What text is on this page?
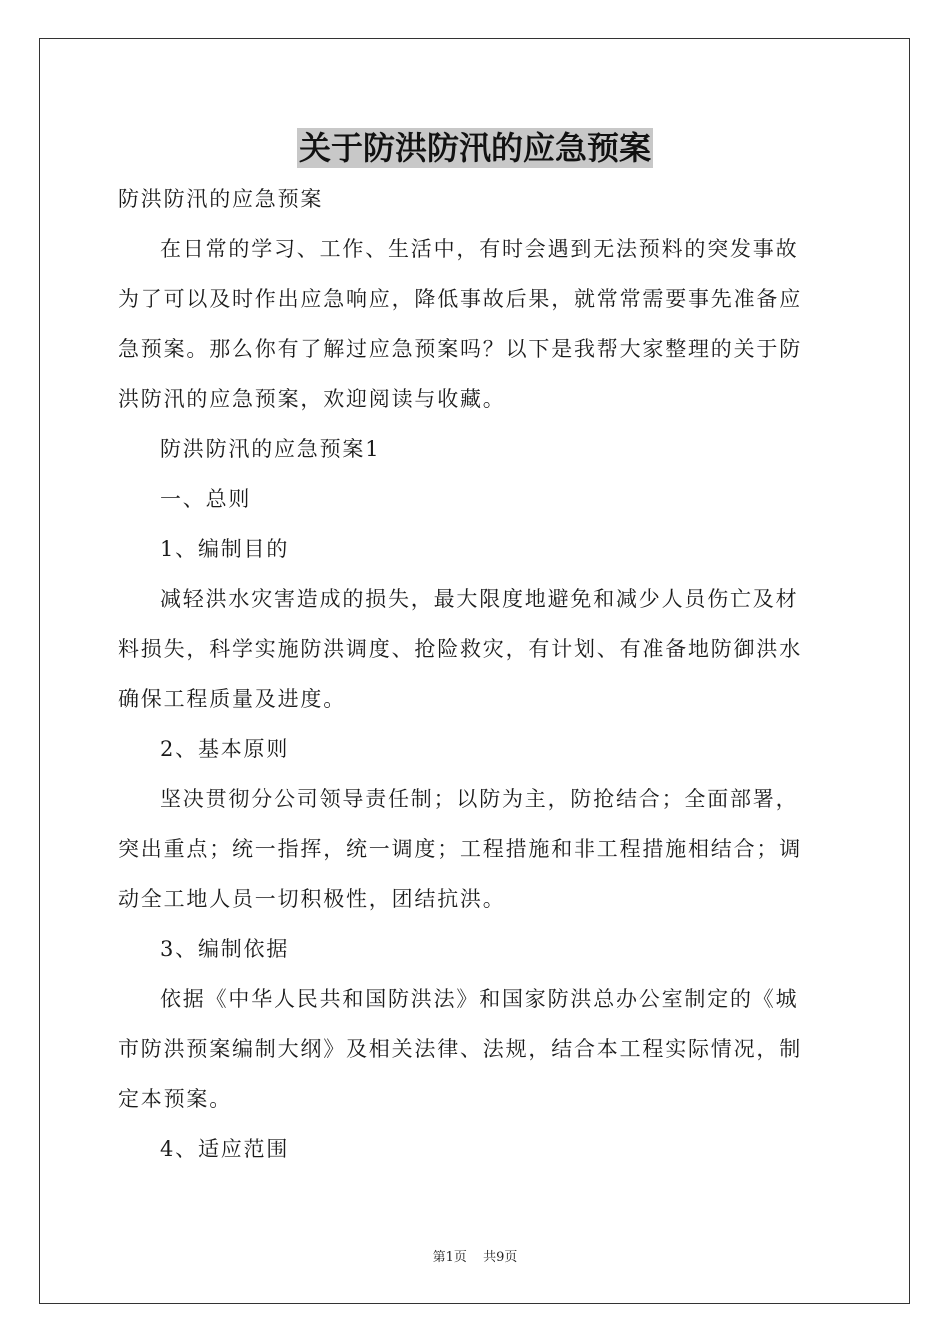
关于防洪防汛的应急预案

防洪防汛的应急预案

在日常的学习、工作、生活中，有时会遇到无法预料的突发事故

为了可以及时作出应急响应，降低事故后果，就常常需要事先准备应

急预案。那么你有了解过应急预案吗？以下是我帮大家整理的关于防

洪防汛的应急预案，欢迎阅读与收藏。

防洪防汛的应急预案1

一、总则

1、编制目的

减轻洪水灾害造成的损失，最大限度地避免和减少人员伤亡及材

料损失，科学实施防洪调度、抢险救灾，有计划、有准备地防御洪水

确保工程质量及进度。

2、基本原则

坚决贯彻分公司领导责任制；以防为主，防抢结合；全面部署，

突出重点；统一指挥，统一调度；工程措施和非工程措施相结合；调

动全工地人员一切积极性，团结抗洪。

3、编制依据

依据《中华人民共和国防洪法》和国家防洪总办公室制定的《城

市防洪预案编制大纲》及相关法律、法规，结合本工程实际情况，制

定本预案。

4、适应范围

第1页 共9页
